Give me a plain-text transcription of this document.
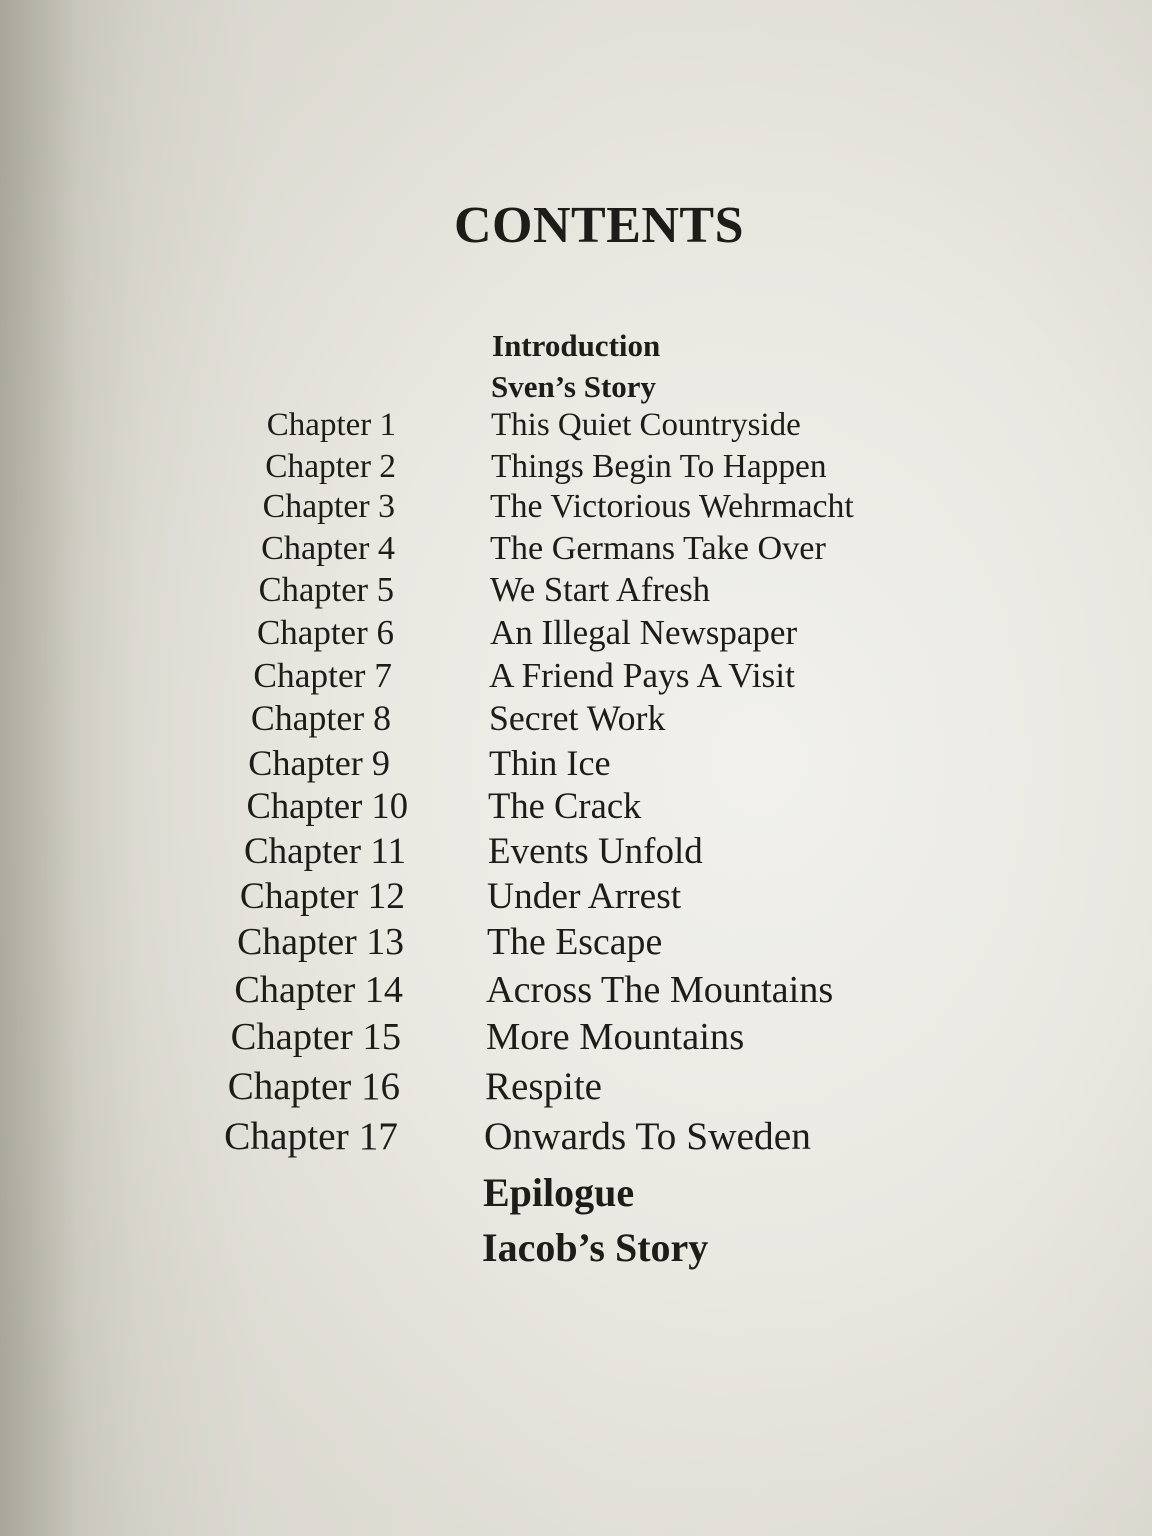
CONTENTS
Introduction
Sven’s Story
Chapter 1	This Quiet Countryside
Chapter 2	Things Begin To Happen
Chapter 3	The Victorious Wehrmacht
Chapter 4	The Germans Take Over
Chapter 5	We Start Afresh
Chapter 6	An Illegal Newspaper
Chapter 7	A Friend Pays A Visit
Chapter 8	Secret Work
Chapter 9	Thin Ice
Chapter 10 The Crack
Chapter 11 Events Unfold
Chapter 12 Under Arrest
Chapter 13 The Escape
Chapter 14 Across The Mountains
Chapter 15 More Mountains
Chapter 16 Respite
Chapter 17 Onwards To Sweden
Epilogue
Iacob’s Story
